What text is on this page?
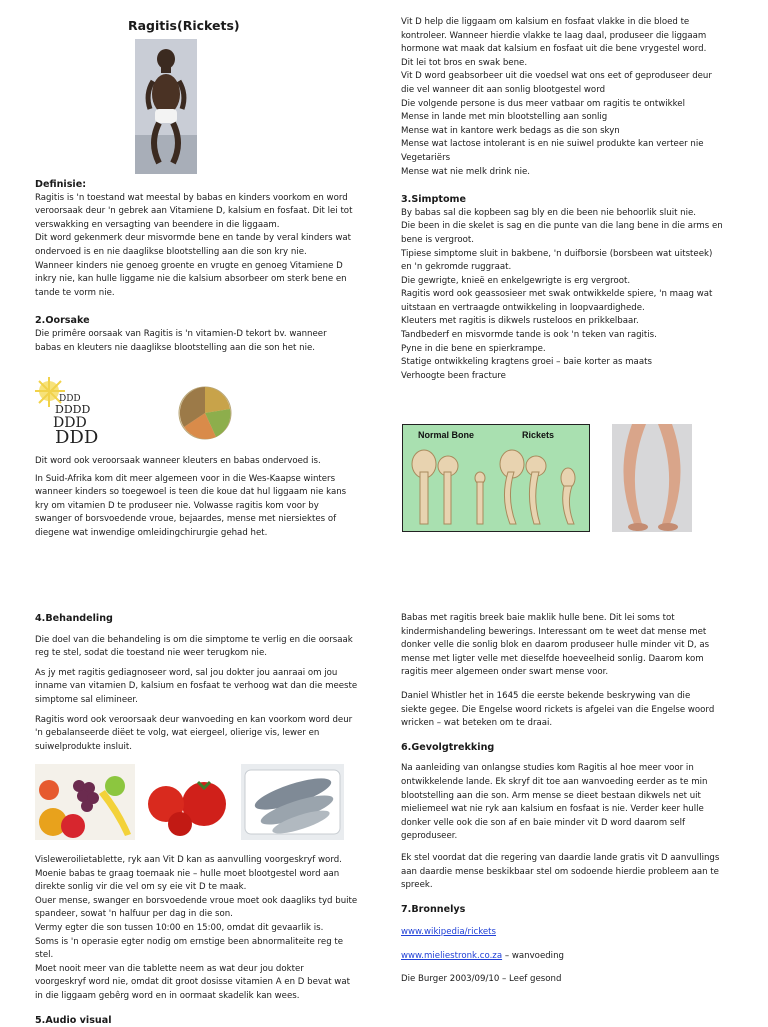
Ragitis(Rickets)

Definisie:

Ragitis is 'n toestand wat meestal by babas en kinders voorkom en word

veroorsaak deur 'n gebrek aan Vitamiene D, kalsium en fosfaat. Dit lei tot

verswakking en versagting van beendere in die liggaam.

Dit word gekenmerk deur misvormde bene en tande by veral kinders wat

ondervoed is en nie daaglikse blootstelling aan die son kry nie.

Wanneer kinders nie genoeg groente en vrugte en genoeg Vitamiene D

inkry nie, kan hulle liggame nie die kalsium absorbeer om sterk bene en

tande te vorm nie.

2.Oorsake

Die primêre oorsaak van Ragitis is 'n vitamien-D tekort bv. wanneer

babas en kleuters nie daaglikse blootstelling aan die son het nie.

DDD
DDDD
DDD
DDD

Dit word ook veroorsaak wanneer kleuters en babas ondervoed is.

In Suid-Afrika kom dit meer algemeen voor in die Wes-Kaapse winters

wanneer kinders so toegewoel is teen die koue dat hul liggaam nie kans

kry om vitamien D te produseer nie. Volwasse ragitis kom voor by

swanger of borsvoedende vroue, bejaardes, mense met niersiektes of

diegene wat inwendige omleidingchirurgie gehad het.

Vit D help die liggaam om kalsium en fosfaat vlakke in die bloed te

kontroleer. Wanneer hierdie vlakke te laag daal, produseer die liggaam

hormone wat maak dat kalsium en fosfaat uit die bene vrygestel word.

Dit lei tot bros en swak bene.

Vit D word geabsorbeer uit die voedsel wat ons eet of geproduseer deur

die vel wanneer dit aan sonlig blootgestel word

Die volgende persone is dus meer vatbaar om ragitis te ontwikkel

Mense in lande met min blootstelling aan sonlig

Mense wat in kantore werk bedags as die son skyn

Mense wat lactose intolerant is en nie suiwel produkte kan verteer nie

Vegetariërs

Mense wat nie melk drink nie.

3.Simptome

By babas sal die kopbeen sag bly en die been nie behoorlik sluit nie.

Die been in die skelet is sag en die punte van die lang bene in die arms en

bene is vergroot.

Tipiese simptome sluit in bakbene, 'n duifborsie (borsbeen wat uitsteek)

en 'n gekromde ruggraat.

Die gewrigte, knieë en enkelgewrigte is erg vergroot.

Ragitis word ook geassosieer met swak ontwikkelde spiere, 'n maag wat

uitstaan en vertraagde ontwikkeling in loopvaardighede.

Kleuters met ragitis is dikwels rusteloos en prikkelbaar.

Tandbederf en misvormde tande is ook 'n teken van ragitis.

Pyne in die bene en spierkrampe.

Statige ontwikkeling kragtens groei – baie korter as maats

Verhoogte been fracture

Normal Bone	Rickets

4.Behandeling

Die doel van die behandeling is om die simptome te verlig en die oorsaak

reg te stel, sodat die toestand nie weer terugkom nie.

As jy met ragitis gediagnoseer word, sal jou dokter jou aanraai om jou

inname van vitamien D, kalsium en fosfaat te verhoog wat dan die meeste

simptome sal elimineer.

Ragitis word ook veroorsaak deur wanvoeding en kan voorkom word deur

'n gebalanseerde diëet te volg, wat eiergeel, olierige vis, lewer en

suiwelprodukte insluit.

Visleweroilietablette, ryk aan Vit D kan as aanvulling voorgeskryf word.

Moenie babas te graag toemaak nie – hulle moet blootgestel word aan

direkte sonlig vir die vel om sy eie vit D te maak.

Ouer mense, swanger en borsvoedende vroue moet ook daagliks tyd buite

spandeer, sowat 'n halfuur per dag in die son.

Vermy egter die son tussen 10:00 en 15:00, omdat dit gevaarlik is.

Soms is 'n operasie egter nodig om ernstige been abnormaliteite reg te

stel.

Moet nooit meer van die tablette neem as wat deur jou dokter

voorgeskryf word nie, omdat dit groot dosisse vitamien A en D bevat wat

in die liggaam gebêrg word en in oormaat skadelik kan wees.

5.Audio visual

Babas met ragitis breek baie maklik hulle bene. Dit lei soms tot

kindermishandeling bewerings. Interessant om te weet dat mense met

donker velle die sonlig blok en daarom produseer hulle minder vit D, as

mense met ligter velle met dieselfde hoeveelheid sonlig. Daarom kom

ragitis meer algemeen onder swart mense voor.

Daniel Whistler het in 1645 die eerste bekende beskrywing van die

siekte gegee. Die Engelse woord rickets is afgelei van die Engelse woord

wricken – wat beteken om te draai.

6.Gevolgtrekking

Na aanleiding van onlangse studies kom Ragitis al hoe meer voor in

ontwikkelende lande. Ek skryf dit toe aan wanvoeding eerder as te min

blootstelling aan die son. Arm mense se dieet bestaan dikwels net uit

mieliemeel wat nie ryk aan kalsium en fosfaat is nie. Verder keer hulle

donker velle ook die son af en baie minder vit D word daarom self

geproduseer.

Ek stel voordat dat die regering van daardie lande gratis vit D aanvullings

aan daardie mense beskikbaar stel om sodoende hierdie probleem aan te

spreek.

7.Bronnelys

www.wikipedia/rickets

www.mieliestronk.co.za – wanvoeding

Die Burger 2003/09/10 – Leef gesond
